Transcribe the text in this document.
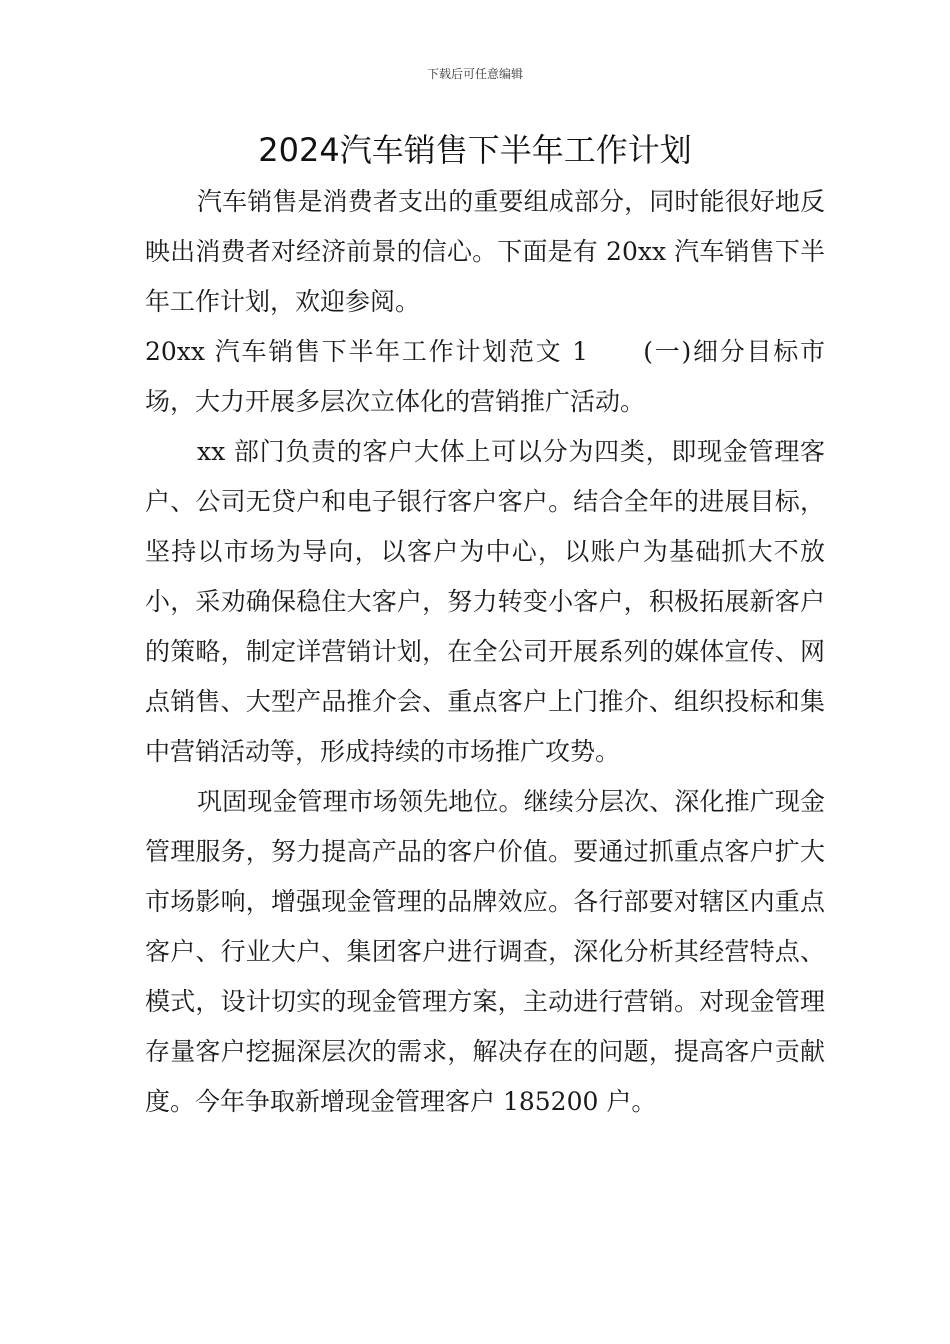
下载后可任意编辑
2024汽车销售下半年工作计划

汽车销售是消费者支出的重要组成部分，同时能很好地反映出消费者对经济前景的信心。下面是有 20xx 汽车销售下半年工作计划，欢迎参阅。

20xx 汽车销售下半年工作计划范文 1　　(一)细分目标市场，大力开展多层次立体化的营销推广活动。

xx 部门负责的客户大体上可以分为四类，即现金管理客户、公司无贷户和电子银行客户客户。结合全年的进展目标，坚持以市场为导向，以客户为中心，以账户为基础抓大不放小，采劝确保稳住大客户，努力转变小客户，积极拓展新客户的策略，制定详营销计划，在全公司开展系列的媒体宣传、网点销售、大型产品推介会、重点客户上门推介、组织投标和集中营销活动等，形成持续的市场推广攻势。

巩固现金管理市场领先地位。继续分层次、深化推广现金管理服务，努力提高产品的客户价值。要通过抓重点客户扩大市场影响，增强现金管理的品牌效应。各行部要对辖区内重点客户、行业大户、集团客户进行调查，深化分析其经营特点、模式，设计切实的现金管理方案，主动进行营销。对现金管理存量客户挖掘深层次的需求，解决存在的问题，提高客户贡献度。今年争取新增现金管理客户 185200 户。
